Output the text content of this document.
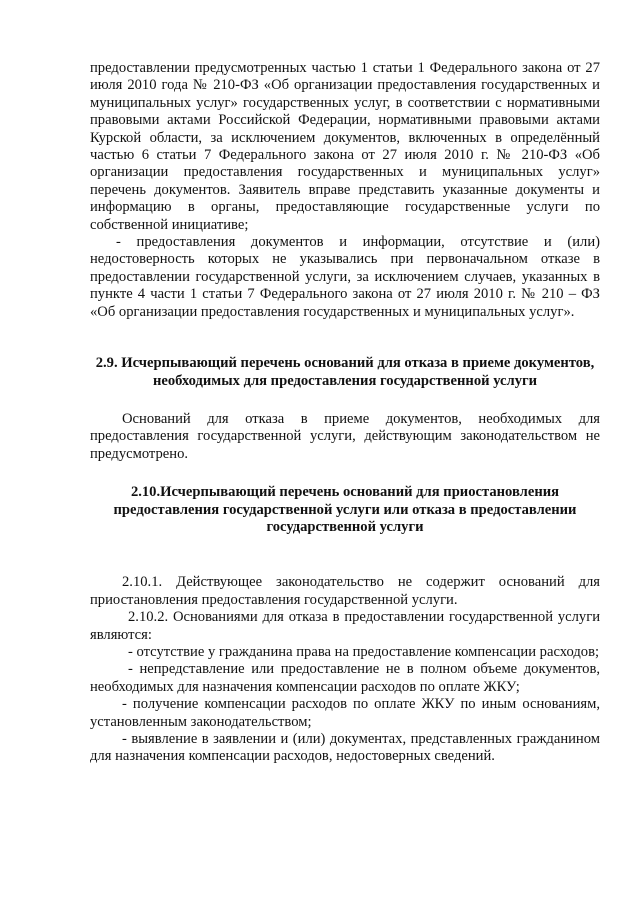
предоставлении предусмотренных частью 1 статьи 1 Федерального закона от 27 июля 2010 года № 210-ФЗ «Об организации предоставления государственных и муниципальных услуг» государственных услуг, в соответствии с нормативными правовыми актами Российской Федерации, нормативными правовыми актами Курской области, за исключением документов, включенных в определённый частью 6 статьи 7 Федерального закона от 27 июля 2010 г. № 210-ФЗ «Об организации предоставления государственных и муниципальных услуг» перечень документов. Заявитель вправе представить указанные документы и информацию в органы, предоставляющие государственные услуги по собственной инициативе;

- предоставления документов и информации, отсутствие и (или) недостоверность которых не указывались при первоначальном отказе в предоставлении государственной услуги, за исключением случаев, указанных в пункте 4 части 1 статьи 7 Федерального закона от 27 июля 2010 г. № 210 – ФЗ «Об организации предоставления государственных и муниципальных услуг».

2.9. Исчерпывающий перечень оснований для отказа в приеме документов, необходимых для предоставления государственной услуги

Оснований для отказа в приеме документов, необходимых для предоставления государственной услуги, действующим законодательством не предусмотрено.

2.10.Исчерпывающий перечень оснований для приостановления предоставления государственной услуги или отказа в предоставлении государственной услуги

2.10.1. Действующее законодательство не содержит оснований для приостановления предоставления государственной услуги.

2.10.2. Основаниями для отказа в предоставлении государственной услуги являются:

- отсутствие у гражданина права на предоставление компенсации расходов;

- непредставление или предоставление не в полном объеме документов, необходимых для назначения компенсации расходов по оплате ЖКУ;

- получение компенсации расходов по оплате ЖКУ по иным основаниям, установленным законодательством;

- выявление в заявлении и (или) документах, представленных гражданином для назначения компенсации расходов, недостоверных сведений.
